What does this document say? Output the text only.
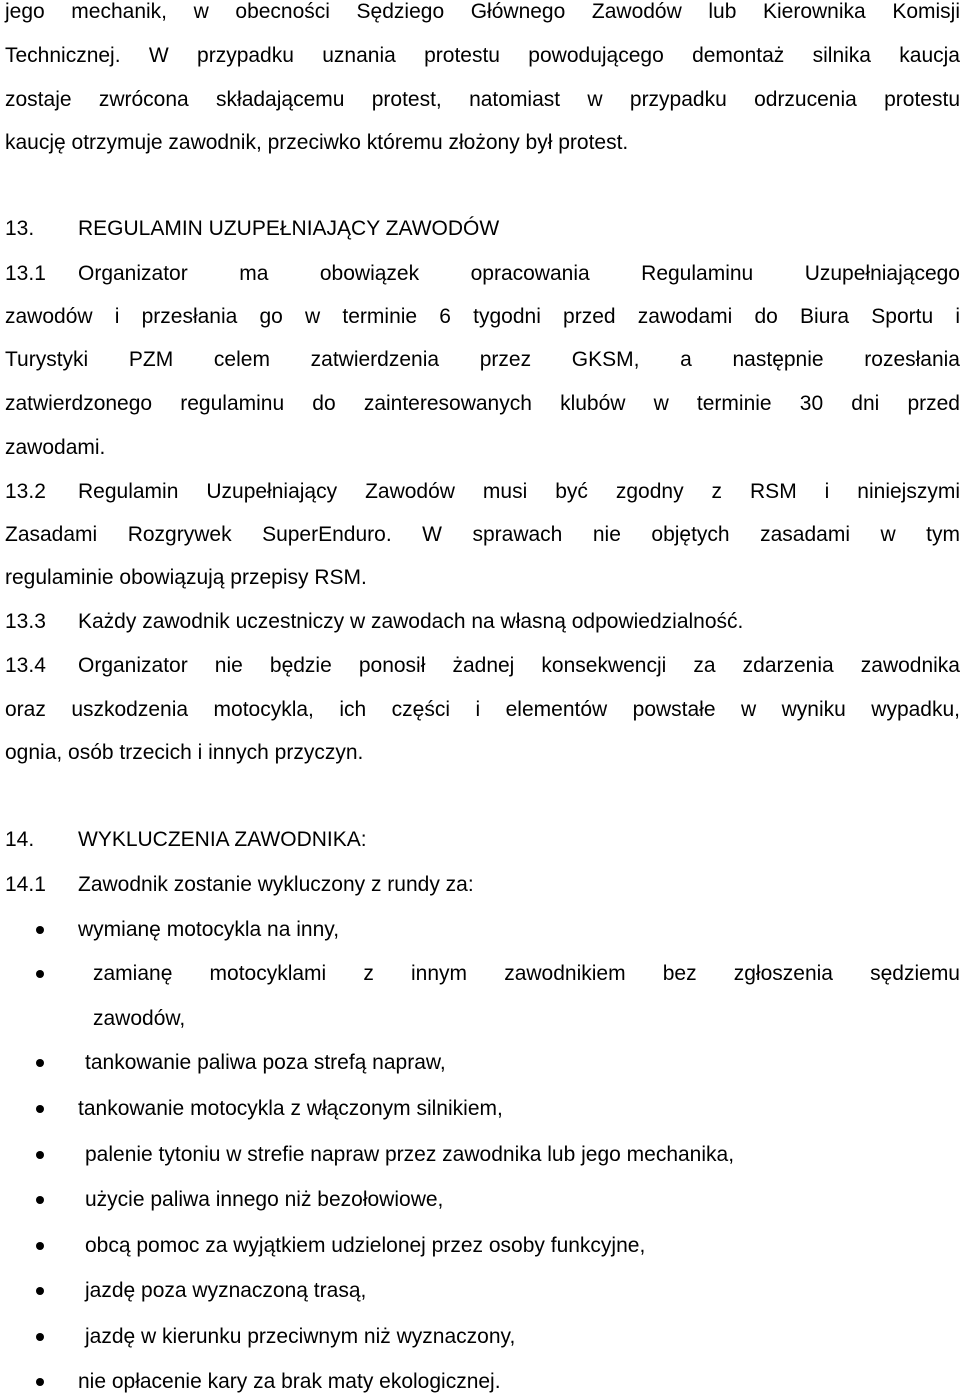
jego mechanik, w obecności Sędziego Głównego Zawodów lub Kierownika Komisji
Technicznej. W przypadku uznania protestu powodującego demontaż silnika kaucja
zostaje zwrócona składającemu protest, natomiast w przypadku odrzucenia protestu
kaucję otrzymuje zawodnik, przeciwko któremu złożony był protest.
13. REGULAMIN UZUPEŁNIAJĄCY ZAWODÓW
13.1 Organizator ma obowiązek opracowania Regulaminu Uzupełniającego
zawodów i przesłania go w terminie 6 tygodni przed zawodami do Biura Sportu i
Turystyki PZM celem zatwierdzenia przez GKSM, a następnie rozesłania
zatwierdzonego regulaminu do zainteresowanych klubów w terminie 30 dni przed
zawodami.
13.2 Regulamin Uzupełniający Zawodów musi być zgodny z RSM i niniejszymi
Zasadami Rozgrywek SuperEnduro. W sprawach nie objętych zasadami w tym
regulaminie obowiązują przepisy RSM.
13.3 Każdy zawodnik uczestniczy w zawodach na własną odpowiedzialność.
13.4 Organizator nie będzie ponosił żadnej konsekwencji za zdarzenia zawodnika
oraz uszkodzenia motocykla, ich części i elementów powstałe w wyniku wypadku,
ognia, osób trzecich i innych przyczyn.
14. WYKLUCZENIA ZAWODNIKA:
14.1 Zawodnik zostanie wykluczony z rundy za:
wymianę motocykla na inny,
zamianę motocyklami z innym zawodnikiem bez zgłoszenia sędziemu
zawodów,
tankowanie paliwa poza strefą napraw,
tankowanie motocykla z włączonym silnikiem,
palenie tytoniu w strefie napraw przez zawodnika lub jego mechanika,
użycie paliwa innego niż bezołowiowe,
obcą pomoc za wyjątkiem udzielonej przez osoby funkcyjne,
jazdę poza wyznaczoną trasą,
jazdę w kierunku przeciwnym niż wyznaczony,
nie opłacenie kary za brak maty ekologicznej.
